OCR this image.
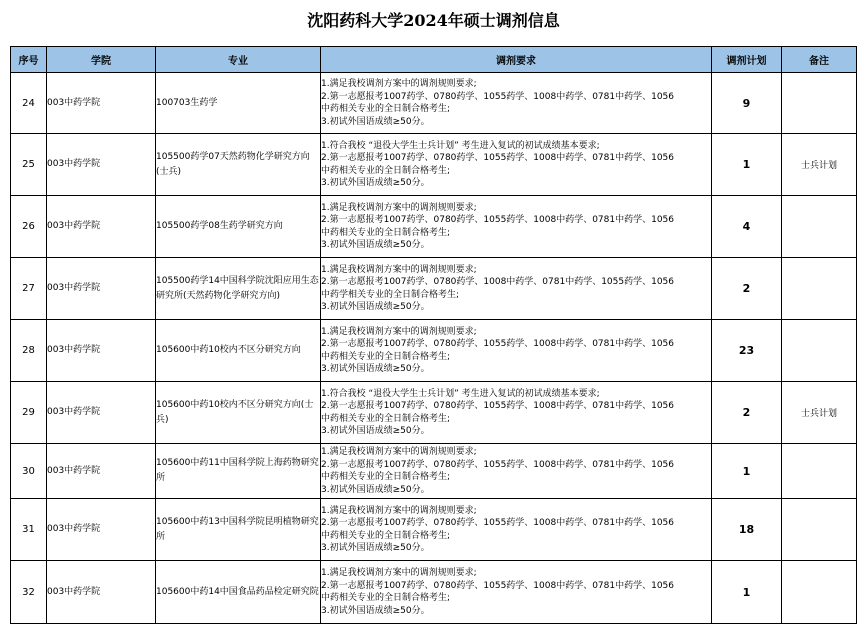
沈阳药科大学2024年硕士调剂信息
序号	学院	专业	调剂要求	调剂计划	备注
24	003中药学院	100703生药学	1.满足我校调剂方案中的调剂规则要求;
2.第一志愿报考1007药学、0780药学、1055药学、1008中药学、0781中药学、1056
中药相关专业的全日制合格考生;
3.初试外国语成绩≥50分。	9	
25	003中药学院	105500药学07天然药物化学研究方向(士兵)	1.符合我校 “退役大学生士兵计划” 考生进入复试的初试成绩基本要求;
2.第一志愿报考1007药学、0780药学、1055药学、1008中药学、0781中药学、1056
中药相关专业的全日制合格考生;
3.初试外国语成绩≥50分。	1	士兵计划
26	003中药学院	105500药学08生药学研究方向	1.满足我校调剂方案中的调剂规则要求;
2.第一志愿报考1007药学、0780药学、1055药学、1008中药学、0781中药学、1056
中药相关专业的全日制合格考生;
3.初试外国语成绩≥50分。	4	
27	003中药学院	105500药学14中国科学院沈阳应用生态研究所(天然药物化学研究方向)	1.满足我校调剂方案中的调剂规则要求;
2.第一志愿报考1007药学、0780药学、1008中药学、0781中药学、1055药学、1056
中药学相关专业的全日制合格考生;
3.初试外国语成绩≥50分。	2	
28	003中药学院	105600中药10校内不区分研究方向	1.满足我校调剂方案中的调剂规则要求;
2.第一志愿报考1007药学、0780药学、1055药学、1008中药学、0781中药学、1056
中药相关专业的全日制合格考生;
3.初试外国语成绩≥50分。	23	
29	003中药学院	105600中药10校内不区分研究方向(士兵)	1.符合我校 “退役大学生士兵计划” 考生进入复试的初试成绩基本要求;
2.第一志愿报考1007药学、0780药学、1055药学、1008中药学、0781中药学、1056
中药相关专业的全日制合格考生;
3.初试外国语成绩≥50分。	2	士兵计划
30	003中药学院	105600中药11中国科学院上海药物研究所	1.满足我校调剂方案中的调剂规则要求;
2.第一志愿报考1007药学、0780药学、1055药学、1008中药学、0781中药学、1056
中药相关专业的全日制合格考生;
3.初试外国语成绩≥50分。	1	
31	003中药学院	105600中药13中国科学院昆明植物研究所	1.满足我校调剂方案中的调剂规则要求;
2.第一志愿报考1007药学、0780药学、1055药学、1008中药学、0781中药学、1056
中药相关专业的全日制合格考生;
3.初试外国语成绩≥50分。	18	
32	003中药学院	105600中药14中国食品药品检定研究院	1.满足我校调剂方案中的调剂规则要求;
2.第一志愿报考1007药学、0780药学、1055药学、1008中药学、0781中药学、1056
中药相关专业的全日制合格考生;
3.初试外国语成绩≥50分。	1	
